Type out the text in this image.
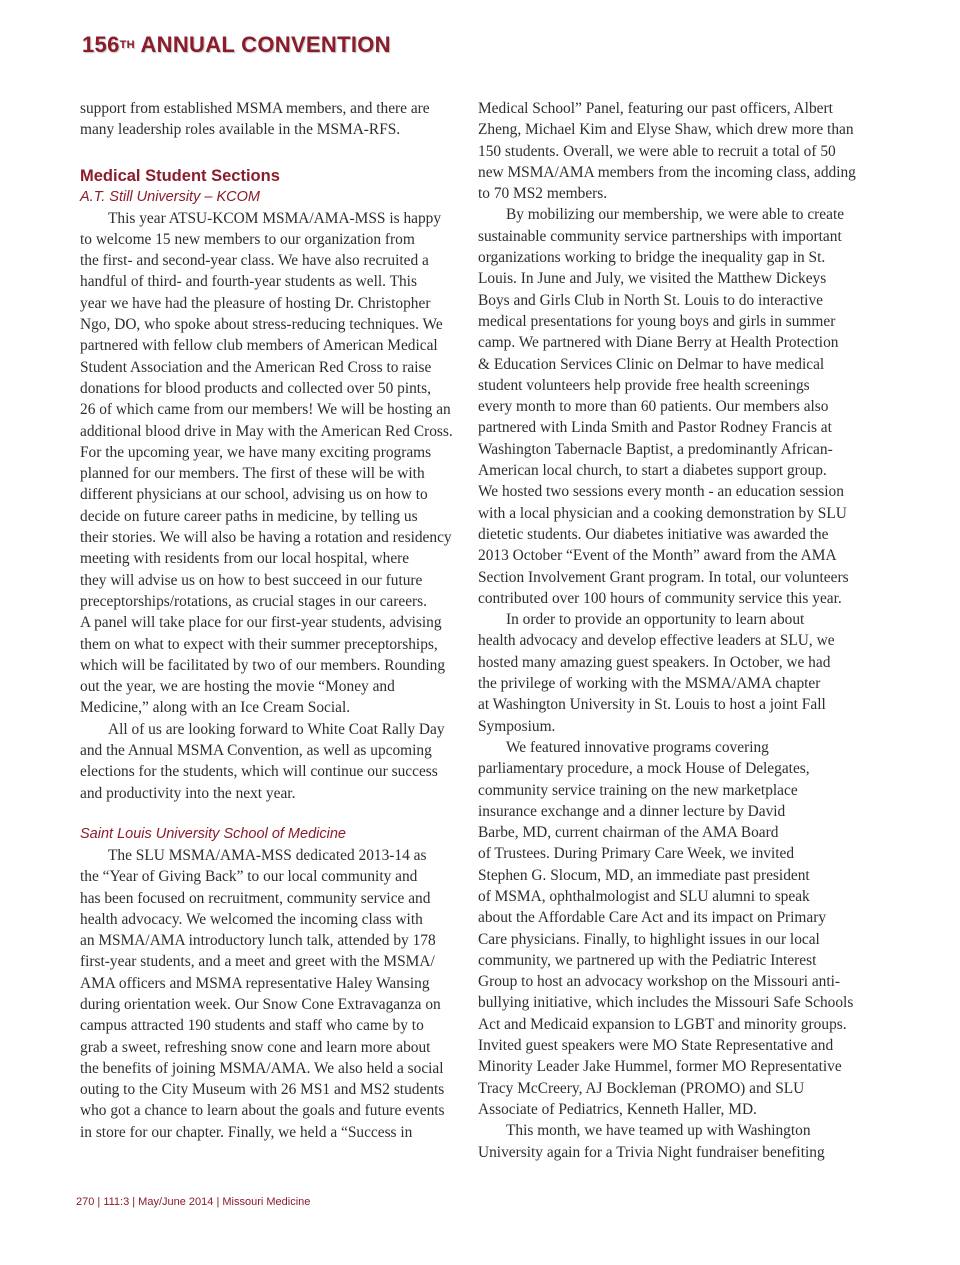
156TH ANNUAL CONVENTION
support from established MSMA members, and there are
many leadership roles available in the MSMA-RFS.
Medical Student Sections
A.T. Still University – KCOM
This year ATSU-KCOM MSMA/AMA-MSS is happy
to welcome 15 new members to our organization from
the first- and second-year class. We have also recruited a
handful of third- and fourth-year students as well. This
year we have had the pleasure of hosting Dr. Christopher
Ngo, DO, who spoke about stress-reducing techniques. We
partnered with fellow club members of American Medical
Student Association and the American Red Cross to raise
donations for blood products and collected over 50 pints,
26 of which came from our members! We will be hosting an
additional blood drive in May with the American Red Cross.
For the upcoming year, we have many exciting programs
planned for our members. The first of these will be with
different physicians at our school, advising us on how to
decide on future career paths in medicine, by telling us
their stories. We will also be having a rotation and residency
meeting with residents from our local hospital, where
they will advise us on how to best succeed in our future
preceptorships/rotations, as crucial stages in our careers.
A panel will take place for our first-year students, advising
them on what to expect with their summer preceptorships,
which will be facilitated by two of our members. Rounding
out the year, we are hosting the movie “Money and
Medicine,” along with an Ice Cream Social.
All of us are looking forward to White Coat Rally Day
and the Annual MSMA Convention, as well as upcoming
elections for the students, which will continue our success
and productivity into the next year.
Saint Louis University School of Medicine
The SLU MSMA/AMA-MSS dedicated 2013-14 as
the “Year of Giving Back” to our local community and
has been focused on recruitment, community service and
health advocacy. We welcomed the incoming class with
an MSMA/AMA introductory lunch talk, attended by 178
first-year students, and a meet and greet with the MSMA/
AMA officers and MSMA representative Haley Wansing
during orientation week. Our Snow Cone Extravaganza on
campus attracted 190 students and staff who came by to
grab a sweet, refreshing snow cone and learn more about
the benefits of joining MSMA/AMA. We also held a social
outing to the City Museum with 26 MS1 and MS2 students
who got a chance to learn about the goals and future events
in store for our chapter. Finally, we held a “Success in
Medical School” Panel, featuring our past officers, Albert
Zheng, Michael Kim and Elyse Shaw, which drew more than
150 students. Overall, we were able to recruit a total of 50
new MSMA/AMA members from the incoming class, adding
to 70 MS2 members.
By mobilizing our membership, we were able to create
sustainable community service partnerships with important
organizations working to bridge the inequality gap in St.
Louis. In June and July, we visited the Matthew Dickeys
Boys and Girls Club in North St. Louis to do interactive
medical presentations for young boys and girls in summer
camp. We partnered with Diane Berry at Health Protection
& Education Services Clinic on Delmar to have medical
student volunteers help provide free health screenings
every month to more than 60 patients. Our members also
partnered with Linda Smith and Pastor Rodney Francis at
Washington Tabernacle Baptist, a predominantly African-
American local church, to start a diabetes support group.
We hosted two sessions every month - an education session
with a local physician and a cooking demonstration by SLU
dietetic students. Our diabetes initiative was awarded the
2013 October “Event of the Month” award from the AMA
Section Involvement Grant program. In total, our volunteers
contributed over 100 hours of community service this year.
In order to provide an opportunity to learn about
health advocacy and develop effective leaders at SLU, we
hosted many amazing guest speakers. In October, we had
the privilege of working with the MSMA/AMA chapter
at Washington University in St. Louis to host a joint Fall
Symposium.
We featured innovative programs covering
parliamentary procedure, a mock House of Delegates,
community service training on the new marketplace
insurance exchange and a dinner lecture by David
Barbe, MD, current chairman of the AMA Board
of Trustees. During Primary Care Week, we invited
Stephen G. Slocum, MD, an immediate past president
of MSMA, ophthalmologist and SLU alumni to speak
about the Affordable Care Act and its impact on Primary
Care physicians. Finally, to highlight issues in our local
community, we partnered up with the Pediatric Interest
Group to host an advocacy workshop on the Missouri anti-
bullying initiative, which includes the Missouri Safe Schools
Act and Medicaid expansion to LGBT and minority groups.
Invited guest speakers were MO State Representative and
Minority Leader Jake Hummel, former MO Representative
Tracy McCreery, AJ Bockleman (PROMO) and SLU
Associate of Pediatrics, Kenneth Haller, MD.
This month, we have teamed up with Washington
University again for a Trivia Night fundraiser benefiting
270 | 111:3 | May/June 2014 | Missouri Medicine
